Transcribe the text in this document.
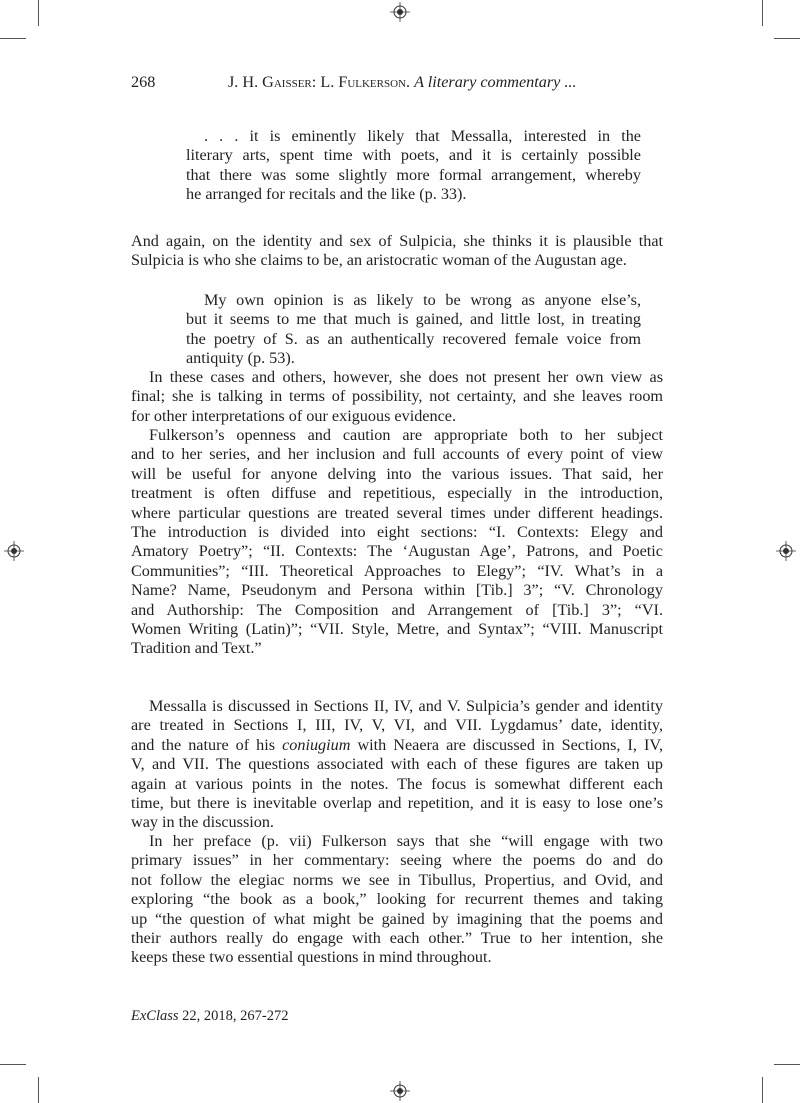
268	J. H. Gaisser: L. Fulkerson. A literary commentary ...
. . . it is eminently likely that Messalla, interested in the
literary arts, spent time with poets, and it is certainly possible
that there was some slightly more formal arrangement, whereby
he arranged for recitals and the like (p. 33).
And again, on the identity and sex of Sulpicia, she thinks it is plausible that
Sulpicia is who she claims to be, an aristocratic woman of the Augustan age.
My own opinion is as likely to be wrong as anyone else’s,
but it seems to me that much is gained, and little lost, in treating
the poetry of S. as an authentically recovered female voice from
antiquity (p. 53).
In these cases and others, however, she does not present her own view as
final; she is talking in terms of possibility, not certainty, and she leaves room
for other interpretations of our exiguous evidence.
Fulkerson’s openness and caution are appropriate both to her subject
and to her series, and her inclusion and full accounts of every point of view
will be useful for anyone delving into the various issues. That said, her
treatment is often diffuse and repetitious, especially in the introduction,
where particular questions are treated several times under different headings.
The introduction is divided into eight sections: “I. Contexts: Elegy and
Amatory Poetry”; “II. Contexts: The ‘Augustan Age’, Patrons, and Poetic
Communities”; “III. Theoretical Approaches to Elegy”; “IV. What’s in a
Name? Name, Pseudonym and Persona within [Tib.] 3”; “V. Chronology
and Authorship: The Composition and Arrangement of [Tib.] 3”; “VI.
Women Writing (Latin)”; “VII. Style, Metre, and Syntax”; “VIII. Manuscript
Tradition and Text.”
Messalla is discussed in Sections II, IV, and V. Sulpicia’s gender and identity
are treated in Sections I, III, IV, V, VI, and VII. Lygdamus’ date, identity,
and the nature of his coniugium with Neaera are discussed in Sections, I, IV,
V, and VII. The questions associated with each of these figures are taken up
again at various points in the notes. The focus is somewhat different each
time, but there is inevitable overlap and repetition, and it is easy to lose one’s
way in the discussion.
In her preface (p. vii) Fulkerson says that she “will engage with two
primary issues” in her commentary: seeing where the poems do and do
not follow the elegiac norms we see in Tibullus, Propertius, and Ovid, and
exploring “the book as a book,” looking for recurrent themes and taking
up “the question of what might be gained by imagining that the poems and
their authors really do engage with each other.” True to her intention, she
keeps these two essential questions in mind throughout.
ExClass 22, 2018, 267-272
